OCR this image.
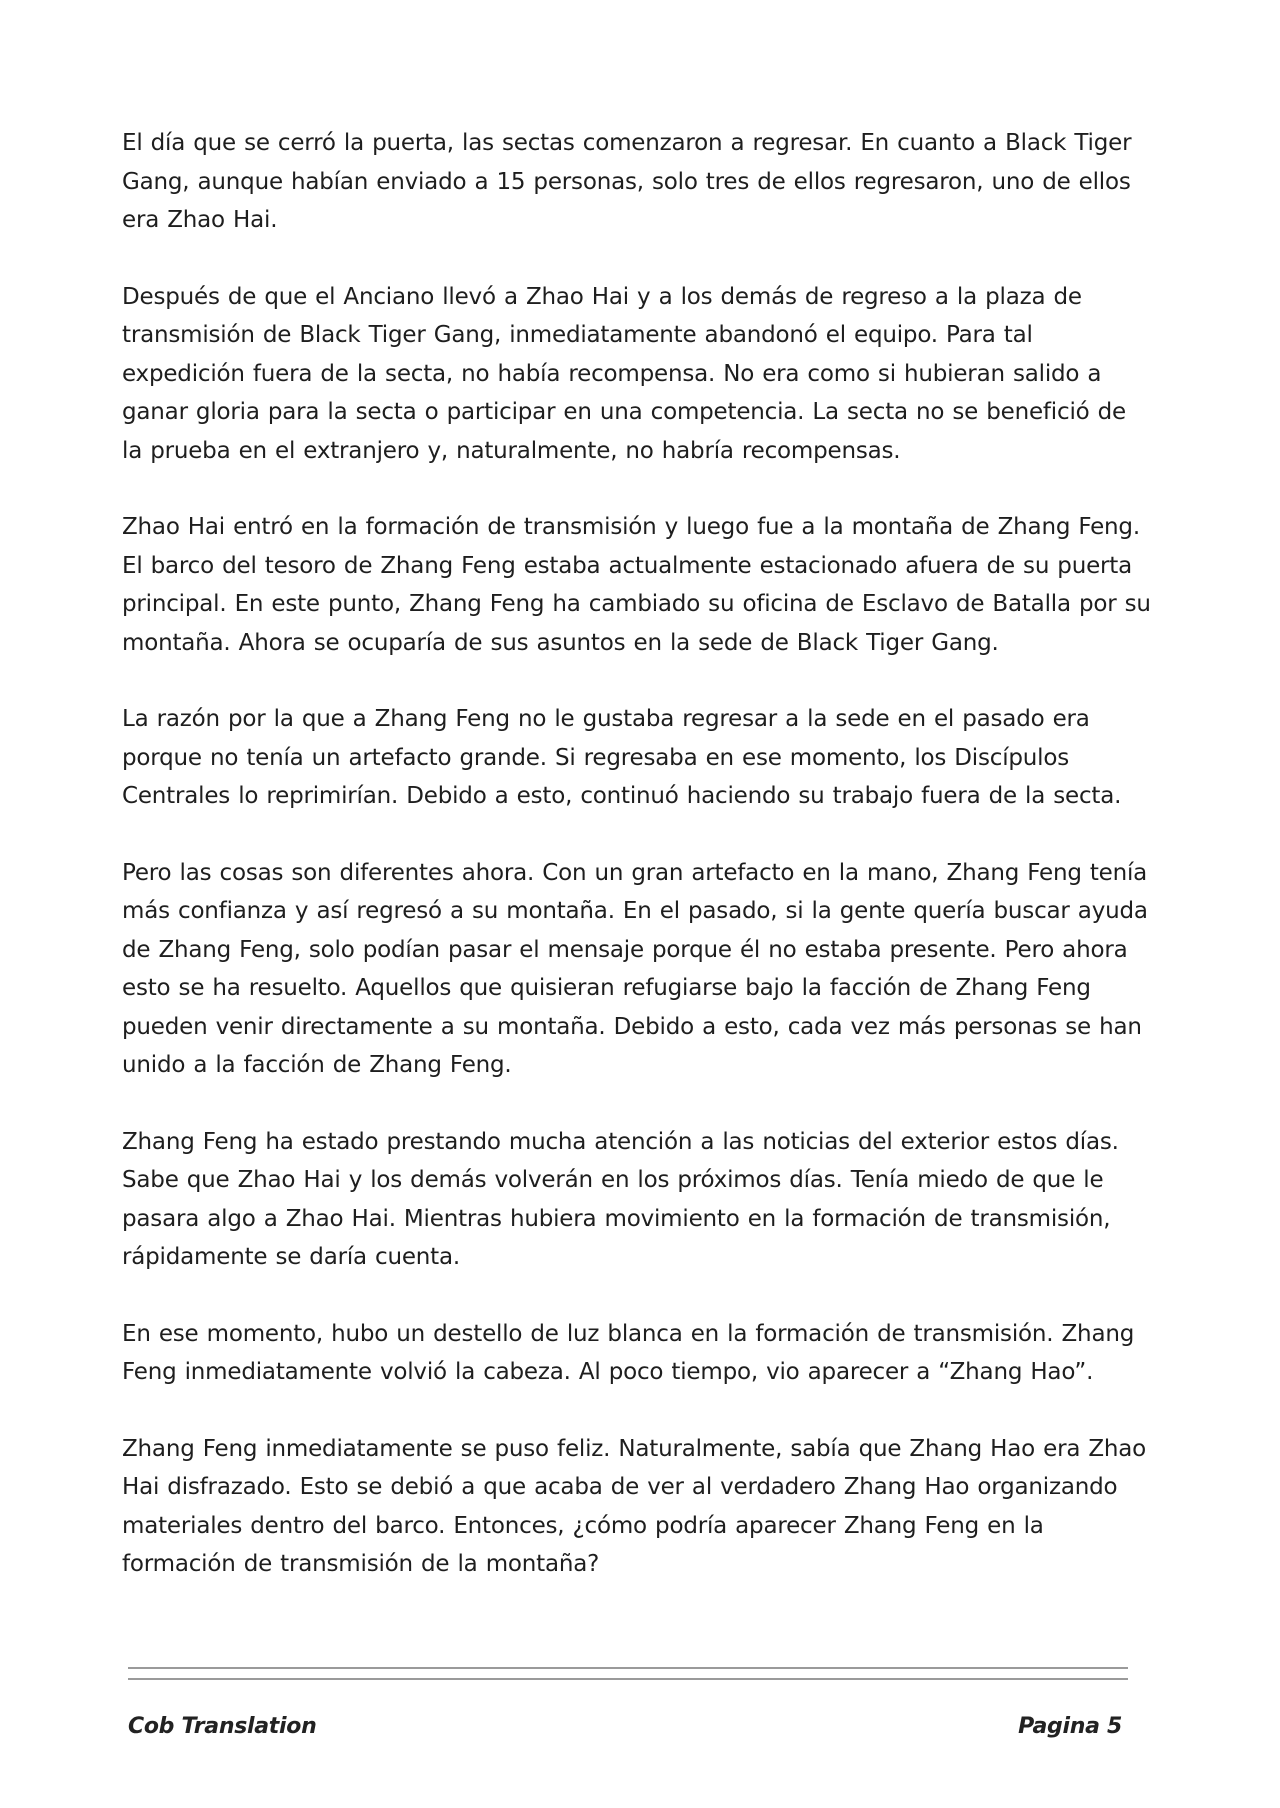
El día que se cerró la puerta, las sectas comenzaron a regresar. En cuanto a Black Tiger Gang, aunque habían enviado a 15 personas, solo tres de ellos regresaron, uno de ellos era Zhao Hai.

Después de que el Anciano llevó a Zhao Hai y a los demás de regreso a la plaza de transmisión de Black Tiger Gang, inmediatamente abandonó el equipo. Para tal expedición fuera de la secta, no había recompensa. No era como si hubieran salido a ganar gloria para la secta o participar en una competencia. La secta no se benefició de la prueba en el extranjero y, naturalmente, no habría recompensas.

Zhao Hai entró en la formación de transmisión y luego fue a la montaña de Zhang Feng. El barco del tesoro de Zhang Feng estaba actualmente estacionado afuera de su puerta principal. En este punto, Zhang Feng ha cambiado su oficina de Esclavo de Batalla por su montaña. Ahora se ocuparía de sus asuntos en la sede de Black Tiger Gang.

La razón por la que a Zhang Feng no le gustaba regresar a la sede en el pasado era porque no tenía un artefacto grande. Si regresaba en ese momento, los Discípulos Centrales lo reprimirían. Debido a esto, continuó haciendo su trabajo fuera de la secta.

Pero las cosas son diferentes ahora. Con un gran artefacto en la mano, Zhang Feng tenía más confianza y así regresó a su montaña. En el pasado, si la gente quería buscar ayuda de Zhang Feng, solo podían pasar el mensaje porque él no estaba presente. Pero ahora esto se ha resuelto. Aquellos que quisieran refugiarse bajo la facción de Zhang Feng pueden venir directamente a su montaña. Debido a esto, cada vez más personas se han unido a la facción de Zhang Feng.

Zhang Feng ha estado prestando mucha atención a las noticias del exterior estos días. Sabe que Zhao Hai y los demás volverán en los próximos días. Tenía miedo de que le pasara algo a Zhao Hai. Mientras hubiera movimiento en la formación de transmisión, rápidamente se daría cuenta.

En ese momento, hubo un destello de luz blanca en la formación de transmisión. Zhang Feng inmediatamente volvió la cabeza. Al poco tiempo, vio aparecer a “Zhang Hao”.

Zhang Feng inmediatamente se puso feliz. Naturalmente, sabía que Zhang Hao era Zhao Hai disfrazado. Esto se debió a que acaba de ver al verdadero Zhang Hao organizando materiales dentro del barco. Entonces, ¿cómo podría aparecer Zhang Feng en la formación de transmisión de la montaña?

Cob Translation	Pagina 5
